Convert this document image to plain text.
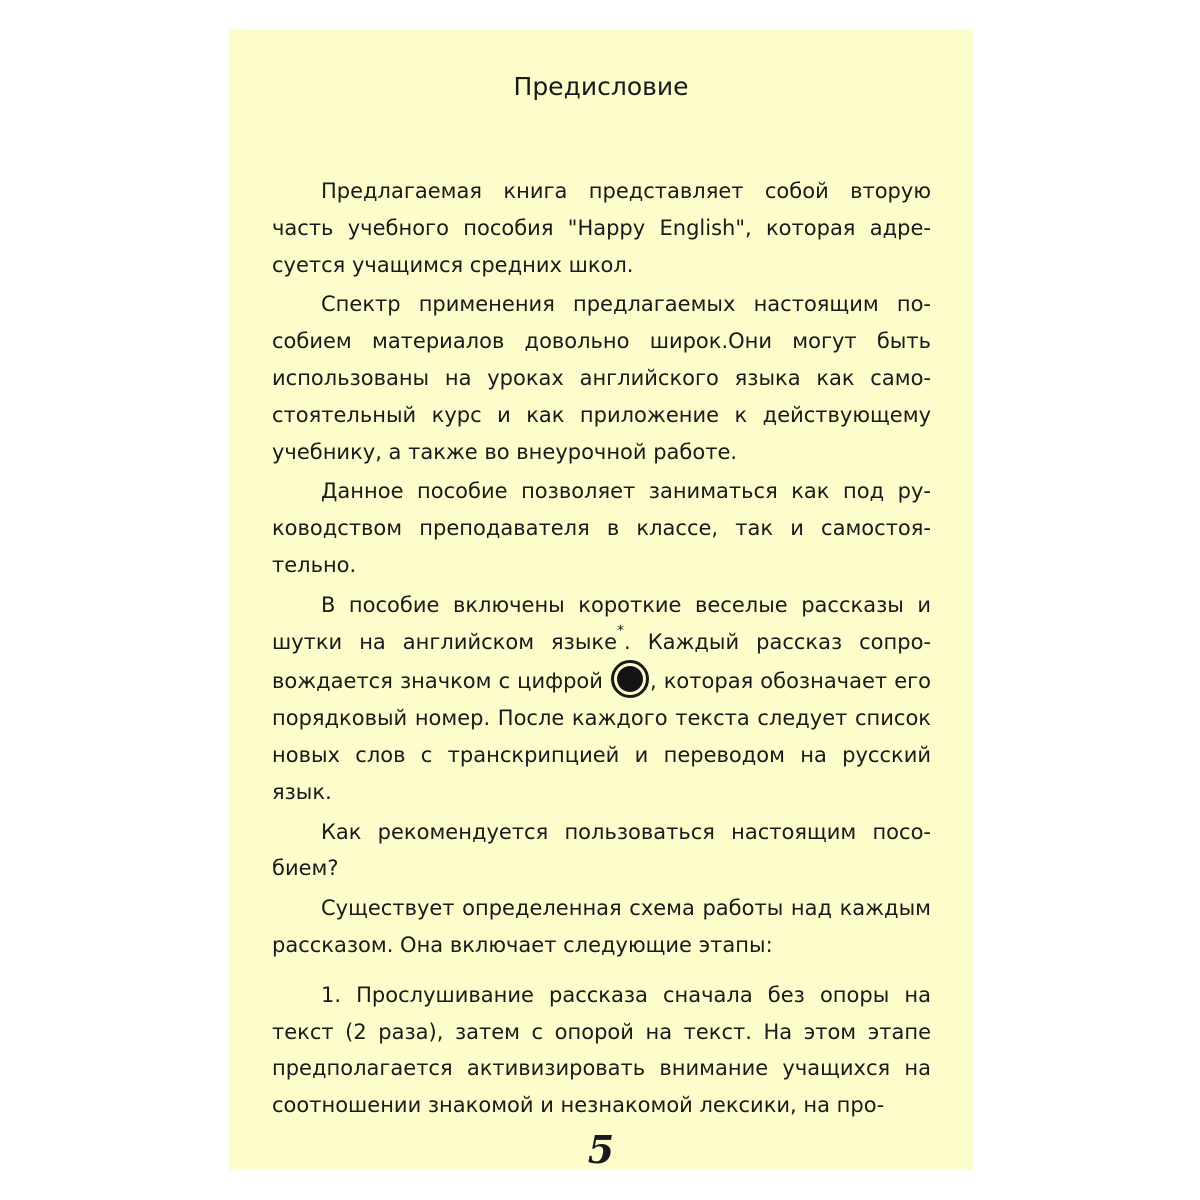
Предисловие

Предлагаемая книга представляет собой вторую часть учебного пособия "Happy English", которая адресуется учащимся средних школ.

Спектр применения предлагаемых настоящим пособием материалов довольно широк.Они могут быть использованы на уроках английского языка как самостоятельный курс и как приложение к действующему учебнику, а также во внеурочной работе.

Данное пособие позволяет заниматься как под руководством преподавателя в классе, так и самостоятельно.

В пособие включены короткие веселые рассказы и шутки на английском языке*. Каждый рассказ сопровождается значком с цифрой , которая обозначает его порядковый номер. После каждого текста следует список новых слов с транскрипцией и переводом на русский язык.

Как рекомендуется пользоваться настоящим пособием?

Существует определенная схема работы над каждым рассказом. Она включает следующие этапы:

1. Прослушивание рассказа сначала без опоры на текст (2 раза), затем с опорой на текст. На этом этапе предполагается активизировать внимание учащихся на соотношении знакомой и незнакомой лексики, на про-

5
